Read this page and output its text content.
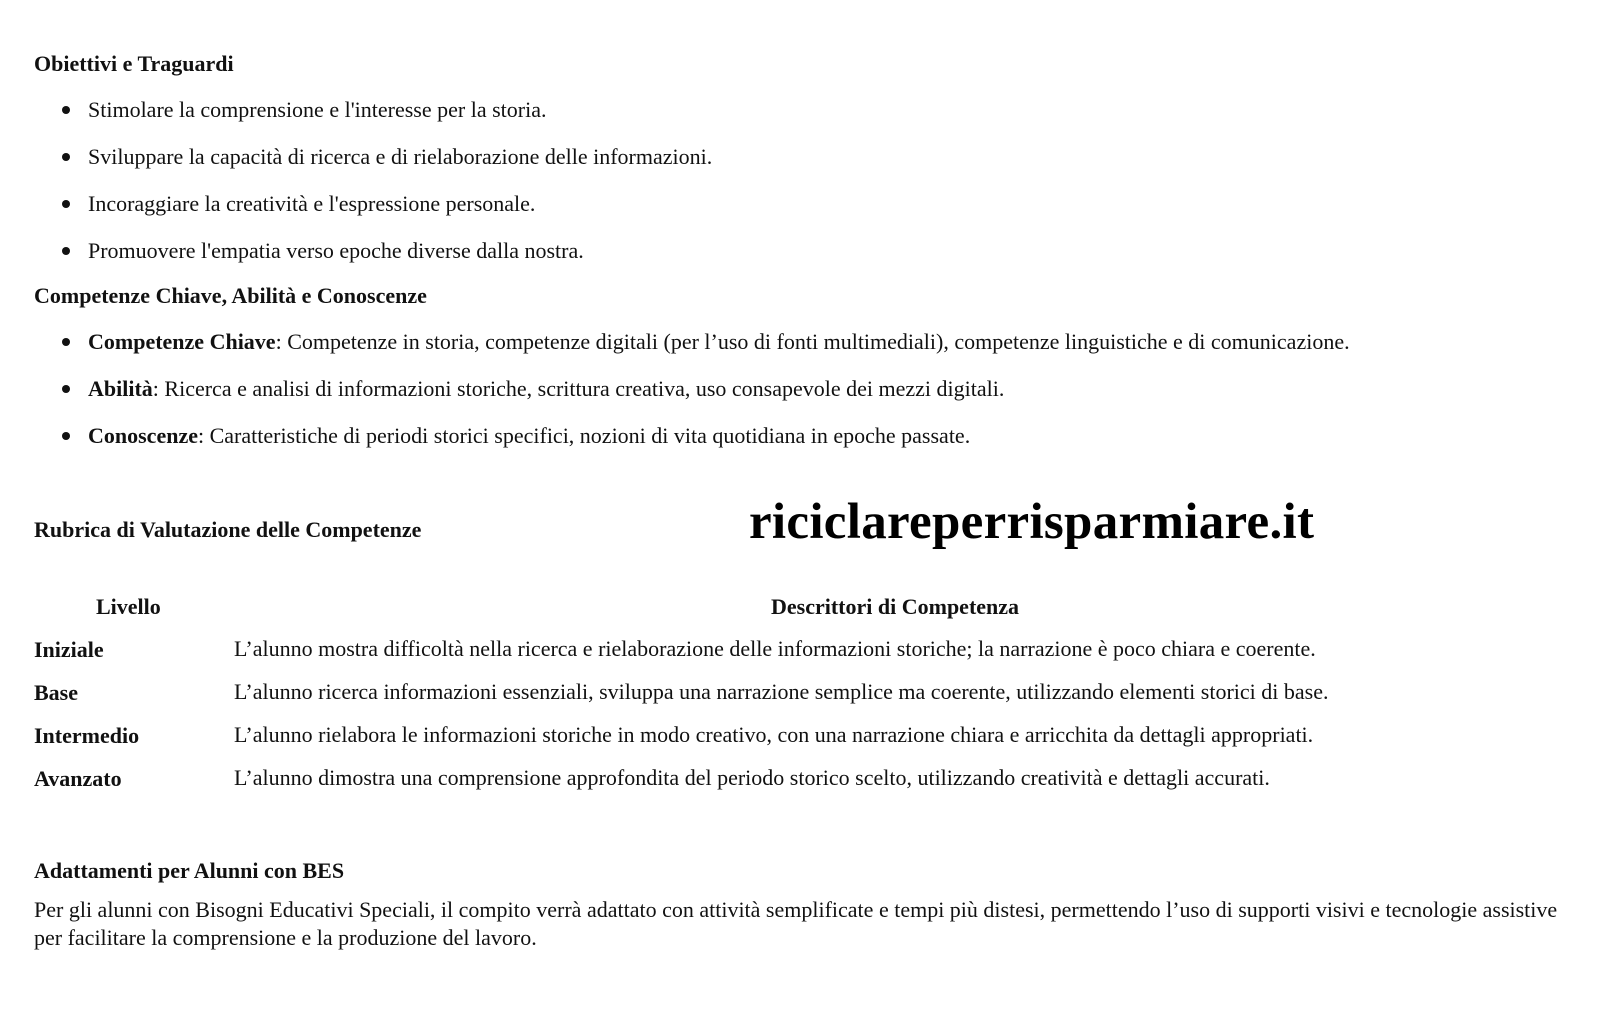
Obiettivi e Traguardi
Stimolare la comprensione e l'interesse per la storia.
Sviluppare la capacità di ricerca e di rielaborazione delle informazioni.
Incoraggiare la creatività e l'espressione personale.
Promuovere l'empatia verso epoche diverse dalla nostra.
Competenze Chiave, Abilità e Conoscenze
Competenze Chiave: Competenze in storia, competenze digitali (per l’uso di fonti multimediali), competenze linguistiche e di comunicazione.
Abilità: Ricerca e analisi di informazioni storiche, scrittura creativa, uso consapevole dei mezzi digitali.
Conoscenze: Caratteristiche di periodi storici specifici, nozioni di vita quotidiana in epoche passate.
Rubrica di Valutazione delle Competenze	riciclareperrisparmiare.it
Livello	Descrittori di Competenza
Iniziale	L’alunno mostra difficoltà nella ricerca e rielaborazione delle informazioni storiche; la narrazione è poco chiara e coerente.
Base	L’alunno ricerca informazioni essenziali, sviluppa una narrazione semplice ma coerente, utilizzando elementi storici di base.
Intermedio	L’alunno rielabora le informazioni storiche in modo creativo, con una narrazione chiara e arricchita da dettagli appropriati.
Avanzato	L’alunno dimostra una comprensione approfondita del periodo storico scelto, utilizzando creatività e dettagli accurati.
Adattamenti per Alunni con BES
Per gli alunni con Bisogni Educativi Speciali, il compito verrà adattato con attività semplificate e tempi più distesi, permettendo l’uso di supporti visivi e tecnologie assistive per facilitare la comprensione e la produzione del lavoro.
